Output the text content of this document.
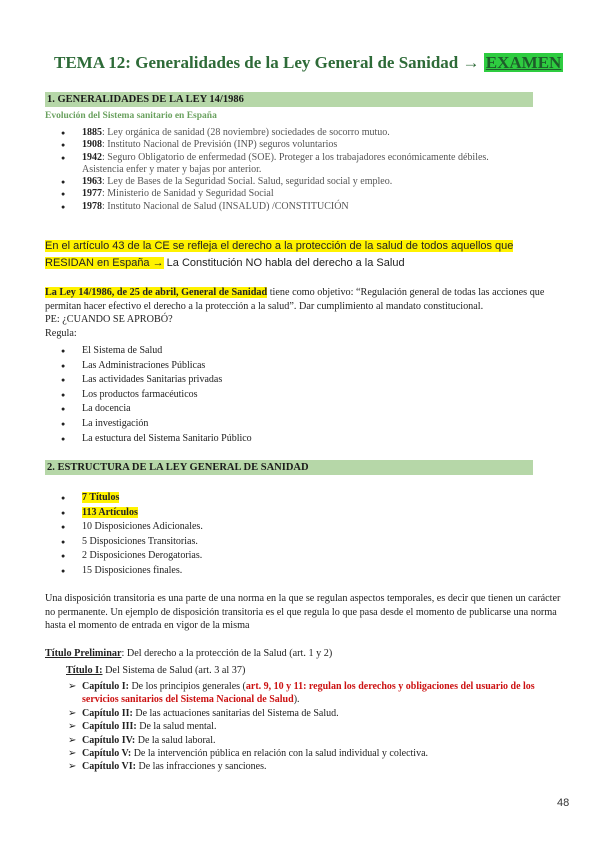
TEMA 12: Generalidades de la Ley General de Sanidad → EXAMEN
1. GENERALIDADES DE LA LEY 14/1986
Evolución del Sistema sanitario en España
● 1885: Ley orgánica de sanidad (28 noviembre) sociedades de socorro mutuo.
● 1908: Instituto Nacional de Previsión (INP) seguros voluntarios
● 1942: Seguro Obligatorio de enfermedad (SOE). Proteger a los trabajadores económicamente débiles. Asistencia enfer y mater y bajas por anterior.
● 1963: Ley de Bases de la Seguridad Social. Salud, seguridad social y empleo.
● 1977: Ministerio de Sanidad y Seguridad Social
● 1978: Instituto Nacional de Salud (INSALUD) /CONSTITUCIÓN
En el artículo 43 de la CE se refleja el derecho a la protección de la salud de todos aquellos que RESIDAN en España → La Constitución NO habla del derecho a la Salud
La Ley 14/1986, de 25 de abril, General de Sanidad tiene como objetivo: “Regulación general de todas las acciones que permitan hacer efectivo el derecho a la protección a la salud”. Dar cumplimiento al mandato constitucional.
PE: ¿CUANDO SE APROBÓ?
Regula:
● El Sistema de Salud
● Las Administraciones Públicas
● Las actividades Sanitarias privadas
● Los productos farmacéuticos
● La docencia
● La investigación
● La estuctura del Sistema Sanitario Público
2. ESTRUCTURA DE LA LEY GENERAL DE SANIDAD
● 7 Títulos
● 113 Artículos
● 10 Disposiciones Adicionales.
● 5 Disposiciones Transitorias.
● 2 Disposiciones Derogatorias.
● 15 Disposiciones finales.
Una disposición transitoria es una parte de una norma en la que se regulan aspectos temporales, es decir que tienen un carácter no permanente. Un ejemplo de disposición transitoria es el que regula lo que pasa desde el momento de publicarse una norma hasta el momento de entrada en vigor de la misma
Título Preliminar: Del derecho a la protección de la Salud (art. 1 y 2)
Título I: Del Sistema de Salud (art. 3 al 37)
➢ Capítulo I: De los principios generales (art. 9, 10 y 11: regulan los derechos y obligaciones del usuario de los servicios sanitarios del Sistema Nacional de Salud).
➢ Capítulo II: De las actuaciones sanitarias del Sistema de Salud.
➢ Capítulo III: De la salud mental.
➢ Capítulo IV: De la salud laboral.
➢ Capítulo V: De la intervención pública en relación con la salud individual y colectiva.
➢ Capítulo VI: De las infracciones y sanciones.
48
